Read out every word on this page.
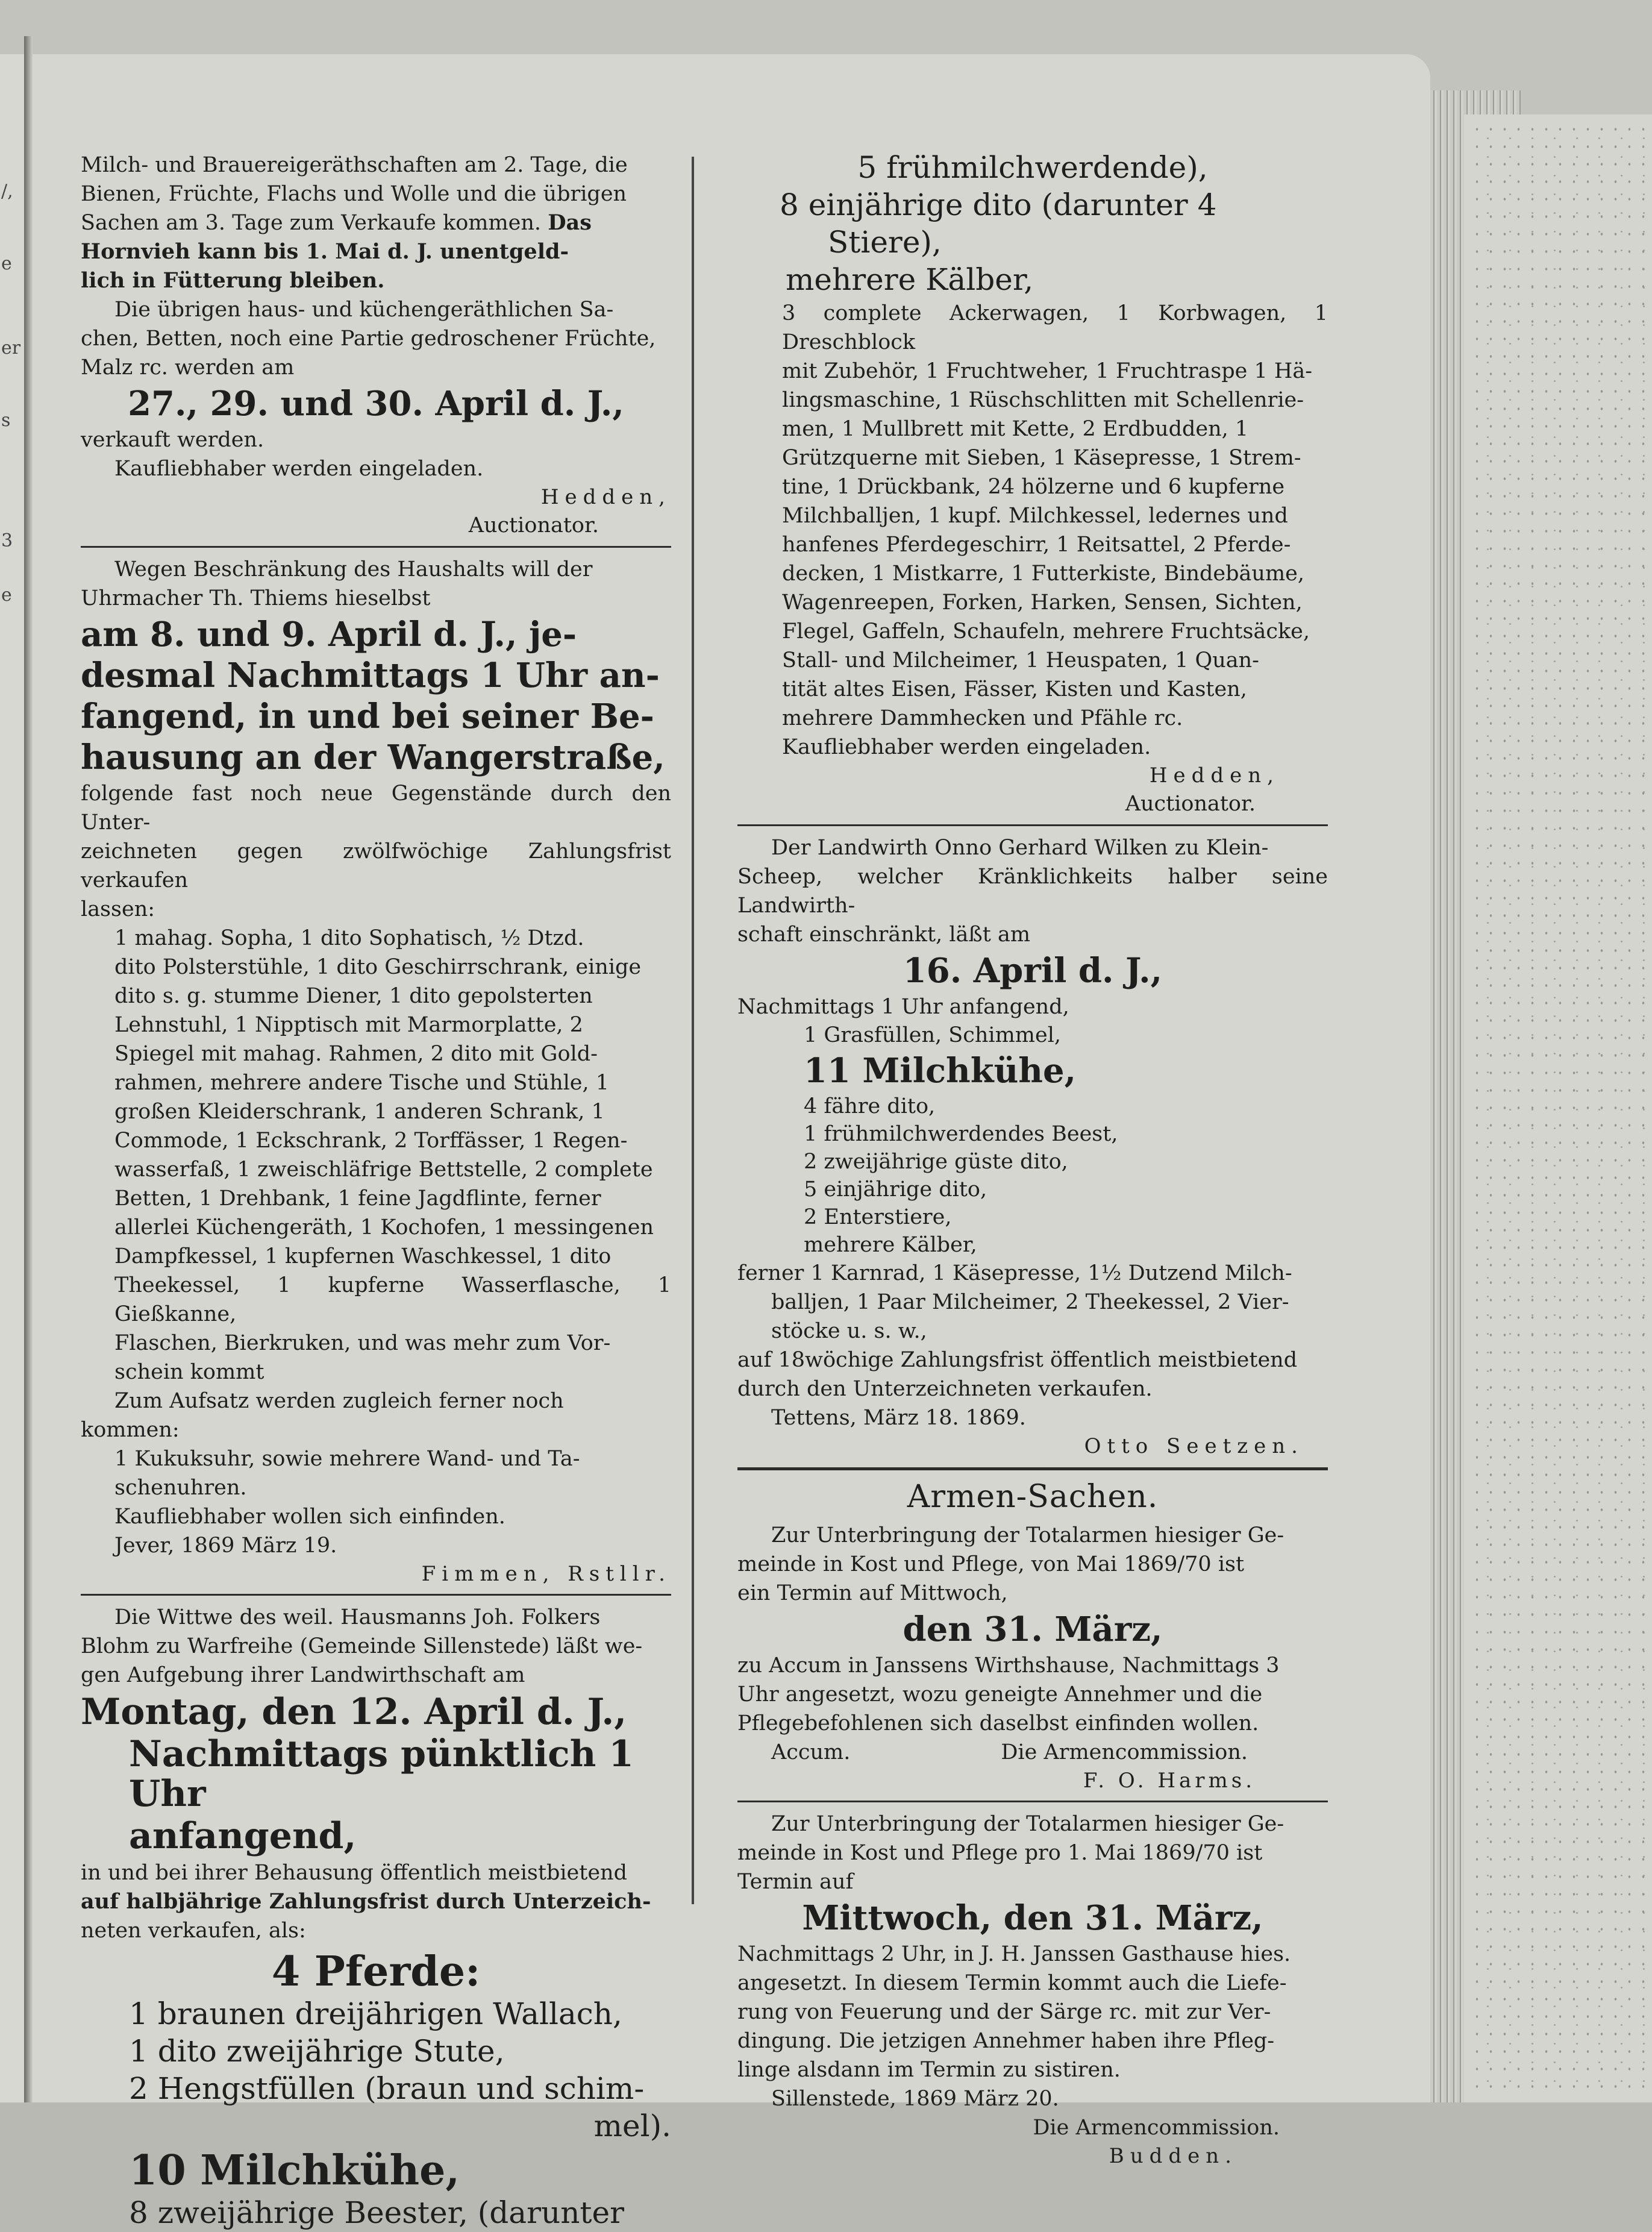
/,
e
er
s
3
e

Milch- und Brauereigeräthschaften am 2. Tage, die

Bienen, Früchte, Flachs und Wolle und die übrigen

Sachen am 3. Tage zum Verkaufe kommen. Das

Hornvieh kann bis 1. Mai d. J. unentgeld-

lich in Fütterung bleiben.

Die übrigen haus- und küchengeräthlichen Sa-

chen, Betten, noch eine Partie gedroschener Früchte,

Malz rc. werden am

27., 29. und 30. April d. J.,

verkauft werden.

Kaufliebhaber werden eingeladen.

Hedden,

Auctionator.

Wegen Beschränkung des Haushalts will der

Uhrmacher Th. Thiems hieselbst

am 8. und 9. April d. J., je-

desmal Nachmittags 1 Uhr an-

fangend, in und bei seiner Be-

hausung an der Wangerstraße,

folgende fast noch neue Gegenstände durch den Unter-

zeichneten gegen zwölfwöchige Zahlungsfrist verkaufen

lassen:

1 mahag. Sopha, 1 dito Sophatisch, ½ Dtzd.

dito Polsterstühle, 1 dito Geschirrschrank, einige

dito s. g. stumme Diener, 1 dito gepolsterten

Lehnstuhl, 1 Nipptisch mit Marmorplatte, 2

Spiegel mit mahag. Rahmen, 2 dito mit Gold-

rahmen, mehrere andere Tische und Stühle, 1

großen Kleiderschrank, 1 anderen Schrank, 1

Commode, 1 Eckschrank, 2 Torffässer, 1 Regen-

wasserfaß, 1 zweischläfrige Bettstelle, 2 complete

Betten, 1 Drehbank, 1 feine Jagdflinte, ferner

allerlei Küchengeräth, 1 Kochofen, 1 messingenen

Dampfkessel, 1 kupfernen Waschkessel, 1 dito

Theekessel, 1 kupferne Wasserflasche, 1 Gießkanne,

Flaschen, Bierkruken, und was mehr zum Vor-

schein kommt

Zum Aufsatz werden zugleich ferner noch

kommen:

1 Kukuksuhr, sowie mehrere Wand- und Ta-

schenuhren.

Kaufliebhaber wollen sich einfinden.

Jever, 1869 März 19.

Fimmen, Rstllr.

Die Wittwe des weil. Hausmanns Joh. Folkers

Blohm zu Warfreihe (Gemeinde Sillenstede) läßt we-

gen Aufgebung ihrer Landwirthschaft am

Montag, den 12. April d. J.,

Nachmittags pünktlich 1 Uhr

anfangend,

in und bei ihrer Behausung öffentlich meistbietend

auf halbjährige Zahlungsfrist durch Unterzeich-

neten verkaufen, als:

4 Pferde:

1 braunen dreijährigen Wallach,

1 dito zweijährige Stute,

2 Hengstfüllen (braun und schim-

mel).

10 Milchkühe,

8 zweijährige Beester, (darunter

5 frühmilchwerdende),

8 einjährige dito (darunter 4

Stiere),

mehrere Kälber,

3 complete Ackerwagen, 1 Korbwagen, 1 Dreschblock

mit Zubehör, 1 Fruchtweher, 1 Fruchtraspe 1 Hä-

lingsmaschine, 1 Rüschschlitten mit Schellenrie-

men, 1 Mullbrett mit Kette, 2 Erdbudden, 1

Grützquerne mit Sieben, 1 Käsepresse, 1 Strem-

tine, 1 Drückbank, 24 hölzerne und 6 kupferne

Milchballjen, 1 kupf. Milchkessel, ledernes und

hanfenes Pferdegeschirr, 1 Reitsattel, 2 Pferde-

decken, 1 Mistkarre, 1 Futterkiste, Bindebäume,

Wagenreepen, Forken, Harken, Sensen, Sichten,

Flegel, Gaffeln, Schaufeln, mehrere Fruchtsäcke,

Stall- und Milcheimer, 1 Heuspaten, 1 Quan-

tität altes Eisen, Fässer, Kisten und Kasten,

mehrere Dammhecken und Pfähle rc.

Kaufliebhaber werden eingeladen.

Hedden,

Auctionator.

Der Landwirth Onno Gerhard Wilken zu Klein-

Scheep, welcher Kränklichkeits halber seine Landwirth-

schaft einschränkt, läßt am

16. April d. J.,

Nachmittags 1 Uhr anfangend,

1 Grasfüllen, Schimmel,

11 Milchkühe,

4 fähre dito,

1 frühmilchwerdendes Beest,

2 zweijährige güste dito,

5 einjährige dito,

2 Enterstiere,

mehrere Kälber,

ferner 1 Karnrad, 1 Käsepresse, 1½ Dutzend Milch-

ballјen, 1 Paar Milcheimer, 2 Theekessel, 2 Vier-

stöcke u. s. w.,

auf 18wöchige Zahlungsfrist öffentlich meistbietend

durch den Unterzeichneten verkaufen.

Tettens, März 18. 1869.

Otto Seetzen.

Armen-Sachen.

Zur Unterbringung der Totalarmen hiesiger Ge-

meinde in Kost und Pflege, von Mai 1869/70 ist

ein Termin auf Mittwoch,

den 31. März,

zu Accum in Janssens Wirthshause, Nachmittags 3

Uhr angesetzt, wozu geneigte Annehmer und die

Pflegebefohlenen sich daselbst einfinden wollen.

Accum.	Die Armencommission.

F. O. Harms.

Zur Unterbringung der Totalarmen hiesiger Ge-

meinde in Kost und Pflege pro 1. Mai 1869/70 ist

Termin auf

Mittwoch, den 31. März,

Nachmittags 2 Uhr, in J. H. Janssen Gasthause hies.

angesetzt. In diesem Termin kommt auch die Liefe-

rung von Feuerung und der Särge rc. mit zur Ver-

dingung. Die jetzigen Annehmer haben ihre Pfleg-

linge alsdann im Termin zu sistiren.

Sillenstede, 1869 März 20.

Die Armencommission.

Budden.
